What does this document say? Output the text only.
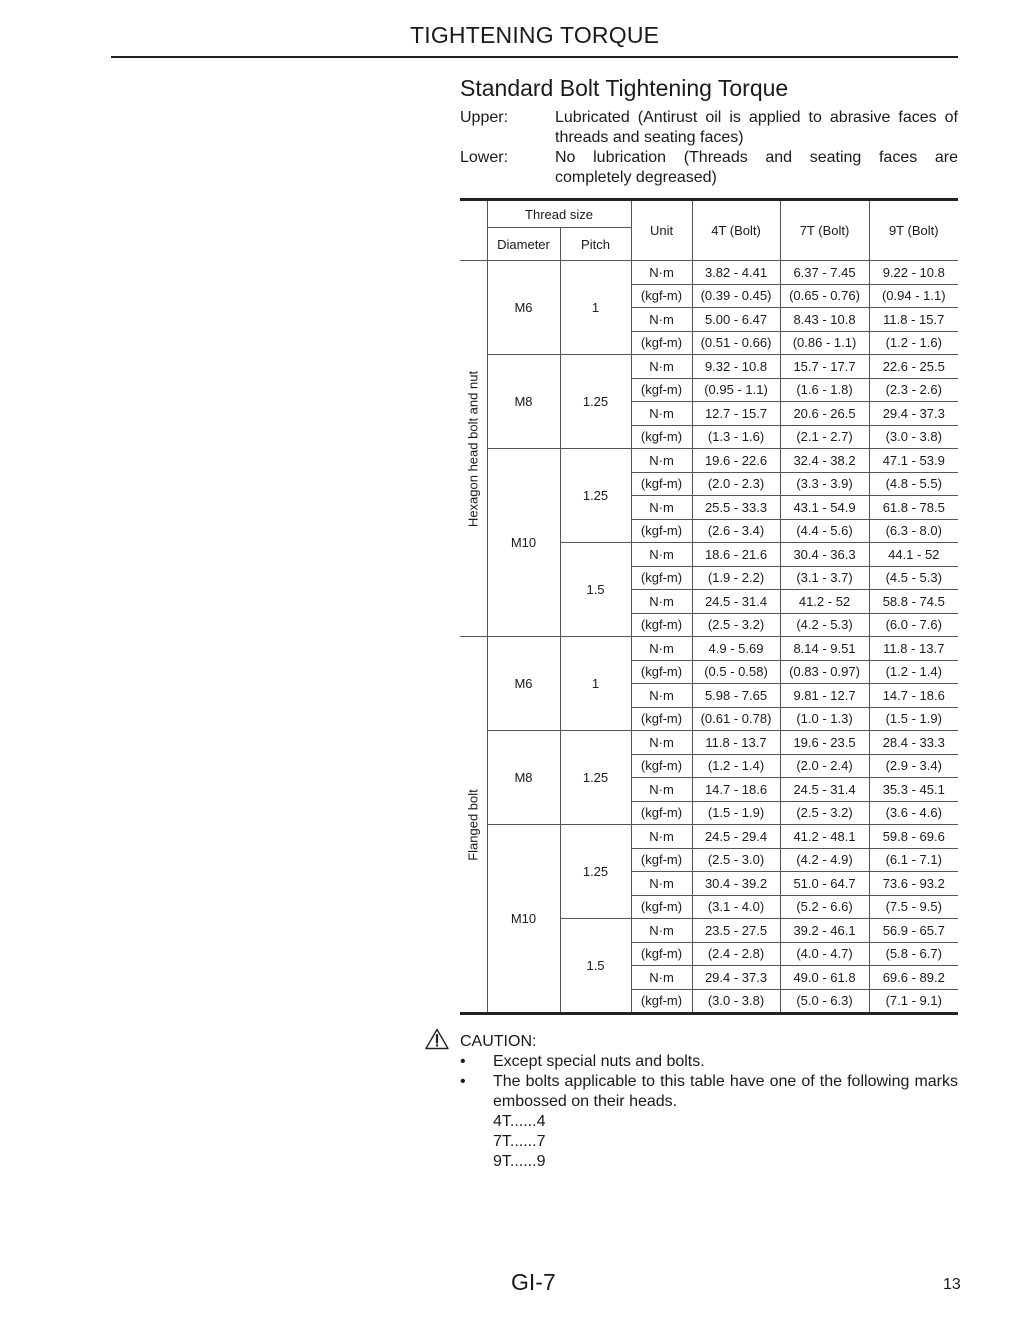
TIGHTENING TORQUE
Standard Bolt Tightening Torque
Upper:	Lubricated (Antirust oil is applied to abrasive faces of threads and seating faces)
Lower:	No lubrication (Threads and seating faces are completely degreased)
	Thread size		Unit	4T (Bolt)	7T (Bolt)	9T (Bolt)
	Diameter	Pitch				

Hexagon head bolt and nut	M6	1	N·m	3.82 - 4.41	6.37 - 7.45	9.22 - 10.8
			(kgf-m)	(0.39 - 0.45)	(0.65 - 0.76)	(0.94 - 1.1)
			N·m	5.00 - 6.47	8.43 - 10.8	11.8 - 15.7
			(kgf-m)	(0.51 - 0.66)	(0.86 - 1.1)	(1.2 - 1.6)
	M8	1.25	N·m	9.32 - 10.8	15.7 - 17.7	22.6 - 25.5
			(kgf-m)	(0.95 - 1.1)	(1.6 - 1.8)	(2.3 - 2.6)
			N·m	12.7 - 15.7	20.6 - 26.5	29.4 - 37.3
			(kgf-m)	(1.3 - 1.6)	(2.1 - 2.7)	(3.0 - 3.8)
	M10	1.25	N·m	19.6 - 22.6	32.4 - 38.2	47.1 - 53.9
			(kgf-m)	(2.0 - 2.3)	(3.3 - 3.9)	(4.8 - 5.5)
			N·m	25.5 - 33.3	43.1 - 54.9	61.8 - 78.5
			(kgf-m)	(2.6 - 3.4)	(4.4 - 5.6)	(6.3 - 8.0)
		1.5	N·m	18.6 - 21.6	30.4 - 36.3	44.1 - 52
			(kgf-m)	(1.9 - 2.2)	(3.1 - 3.7)	(4.5 - 5.3)
			N·m	24.5 - 31.4	41.2 - 52	58.8 - 74.5
			(kgf-m)	(2.5 - 3.2)	(4.2 - 5.3)	(6.0 - 7.6)

Flanged bolt	M6	1	N·m	4.9 - 5.69	8.14 - 9.51	11.8 - 13.7
			(kgf-m)	(0.5 - 0.58)	(0.83 - 0.97)	(1.2 - 1.4)
			N·m	5.98 - 7.65	9.81 - 12.7	14.7 - 18.6
			(kgf-m)	(0.61 - 0.78)	(1.0 - 1.3)	(1.5 - 1.9)
	M8	1.25	N·m	11.8 - 13.7	19.6 - 23.5	28.4 - 33.3
			(kgf-m)	(1.2 - 1.4)	(2.0 - 2.4)	(2.9 - 3.4)
			N·m	14.7 - 18.6	24.5 - 31.4	35.3 - 45.1
			(kgf-m)	(1.5 - 1.9)	(2.5 - 3.2)	(3.6 - 4.6)
	M10	1.25	N·m	24.5 - 29.4	41.2 - 48.1	59.8 - 69.6
			(kgf-m)	(2.5 - 3.0)	(4.2 - 4.9)	(6.1 - 7.1)
			N·m	30.4 - 39.2	51.0 - 64.7	73.6 - 93.2
			(kgf-m)	(3.1 - 4.0)	(5.2 - 6.6)	(7.5 - 9.5)
		1.5	N·m	23.5 - 27.5	39.2 - 46.1	56.9 - 65.7
			(kgf-m)	(2.4 - 2.8)	(4.0 - 4.7)	(5.8 - 6.7)
			N·m	29.4 - 37.3	49.0 - 61.8	69.6 - 89.2
			(kgf-m)	(3.0 - 3.8)	(5.0 - 6.3)	(7.1 - 9.1)
CAUTION:
• Except special nuts and bolts.
• The bolts applicable to this table have one of the following marks embossed on their heads.
4T......4
7T......7
9T......9
GI-7	13
